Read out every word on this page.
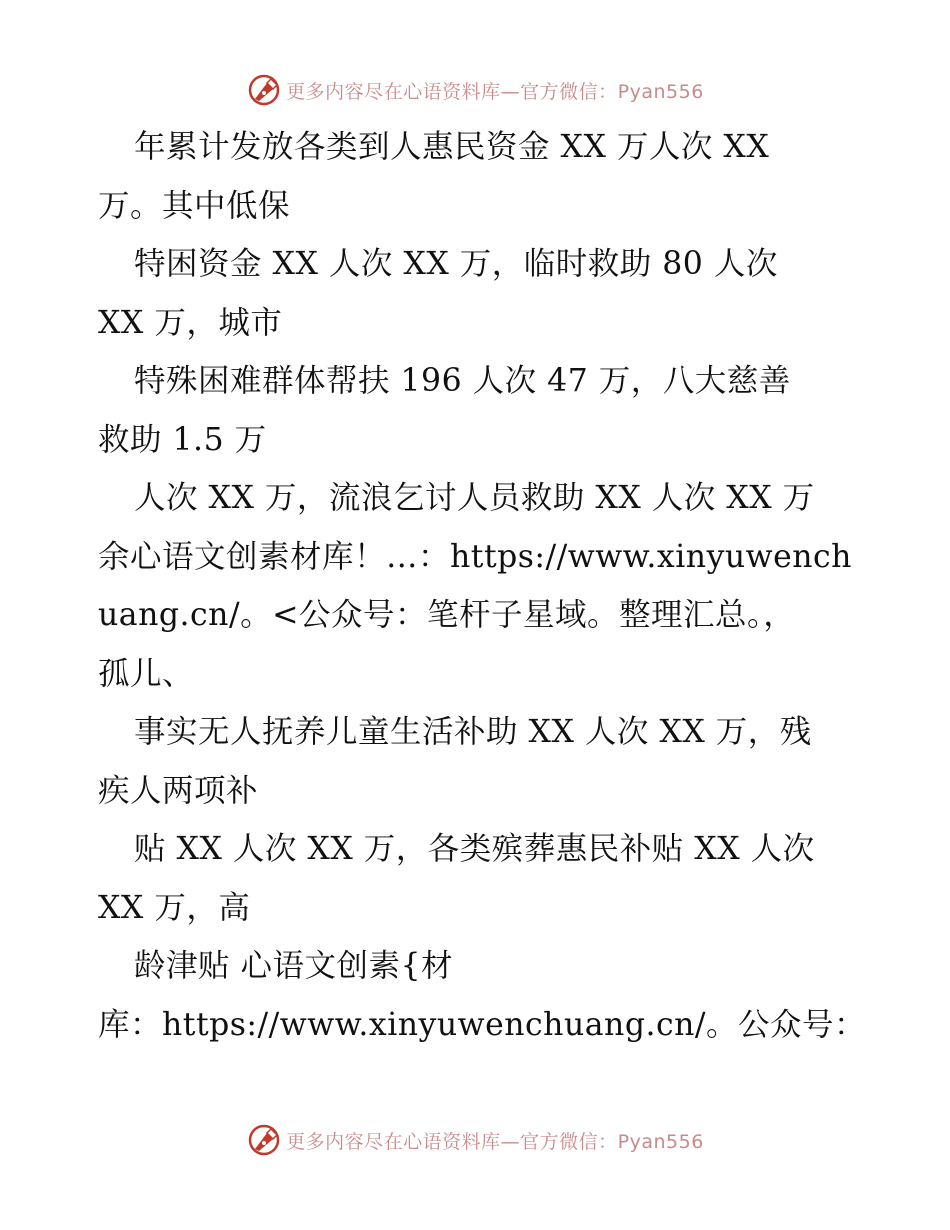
更多内容尽在心语资料库—官方微信：Pyan556
年累计发放各类到人惠民资金 XX 万人次 XX
万。其中低保
特困资金 XX 人次 XX 万，临时救助 80 人次
XX 万，城市
特殊困难群体帮扶 196 人次 47 万，八大慈善
救助 1.5 万
人次 XX 万，流浪乞讨人员救助 XX 人次 XX 万
余心语文创素材库！…：https://www.xinyuwench
uang.cn/。<公众号：笔杆子星域。整理汇总。，
孤儿、
事实无人抚养儿童生活补助 XX 人次 XX 万，残
疾人两项补
贴 XX 人次 XX 万，各类殡葬惠民补贴 XX 人次
XX 万，高
龄津贴 心语文创素{材
库：https://www.xinyuwenchuang.cn/。公众号：
更多内容尽在心语资料库—官方微信：Pyan556
